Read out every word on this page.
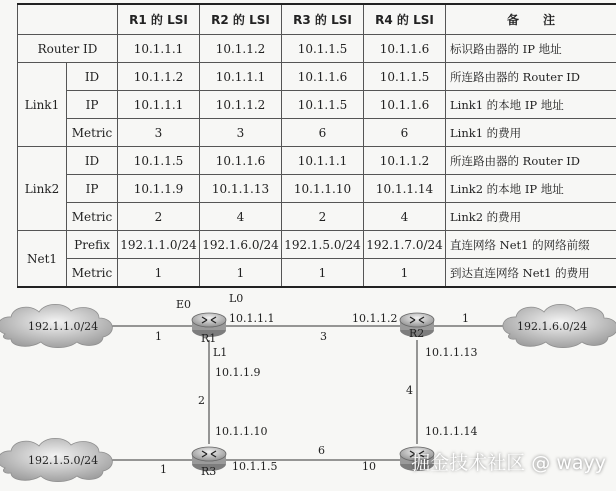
		R1 的 LSI	R2 的 LSI	R3 的 LSI	R4 的 LSI	备　　注
Router ID		10.1.1.1	10.1.1.2	10.1.1.5	10.1.1.6	标识路由器的 IP 地址
Link1	ID	10.1.1.2	10.1.1.1	10.1.1.6	10.1.1.5	所连路由器的 Router ID
	IP	10.1.1.1	10.1.1.2	10.1.1.5	10.1.1.6	Link1 的本地 IP 地址
	Metric	3	3	6	6	Link1 的费用
Link2	ID	10.1.1.5	10.1.1.6	10.1.1.1	10.1.1.2	所连路由器的 Router ID
	IP	10.1.1.9	10.1.1.13	10.1.1.10	10.1.1.14	Link2 的本地 IP 地址
	Metric	2	4	2	4	Link2 的费用
Net1	Prefix	192.1.1.0/24	192.1.6.0/24	192.1.5.0/24	192.1.7.0/24	直连网络 Net1 的网络前缀
	Metric	1	1	1	1	到达直连网络 Net1 的费用
192.1.1.0/24	192.1.6.0/24
192.1.5.0/24
R1	R2
R3
E0	L0
10.1.1.1
L1
10.1.1.9
10.1.1.2
10.1.1.13
10.1.1.10
10.1.1.5
10.1.1.14
10
1	3
1
2
4
6
1	掘金技术社区 @ wayy
